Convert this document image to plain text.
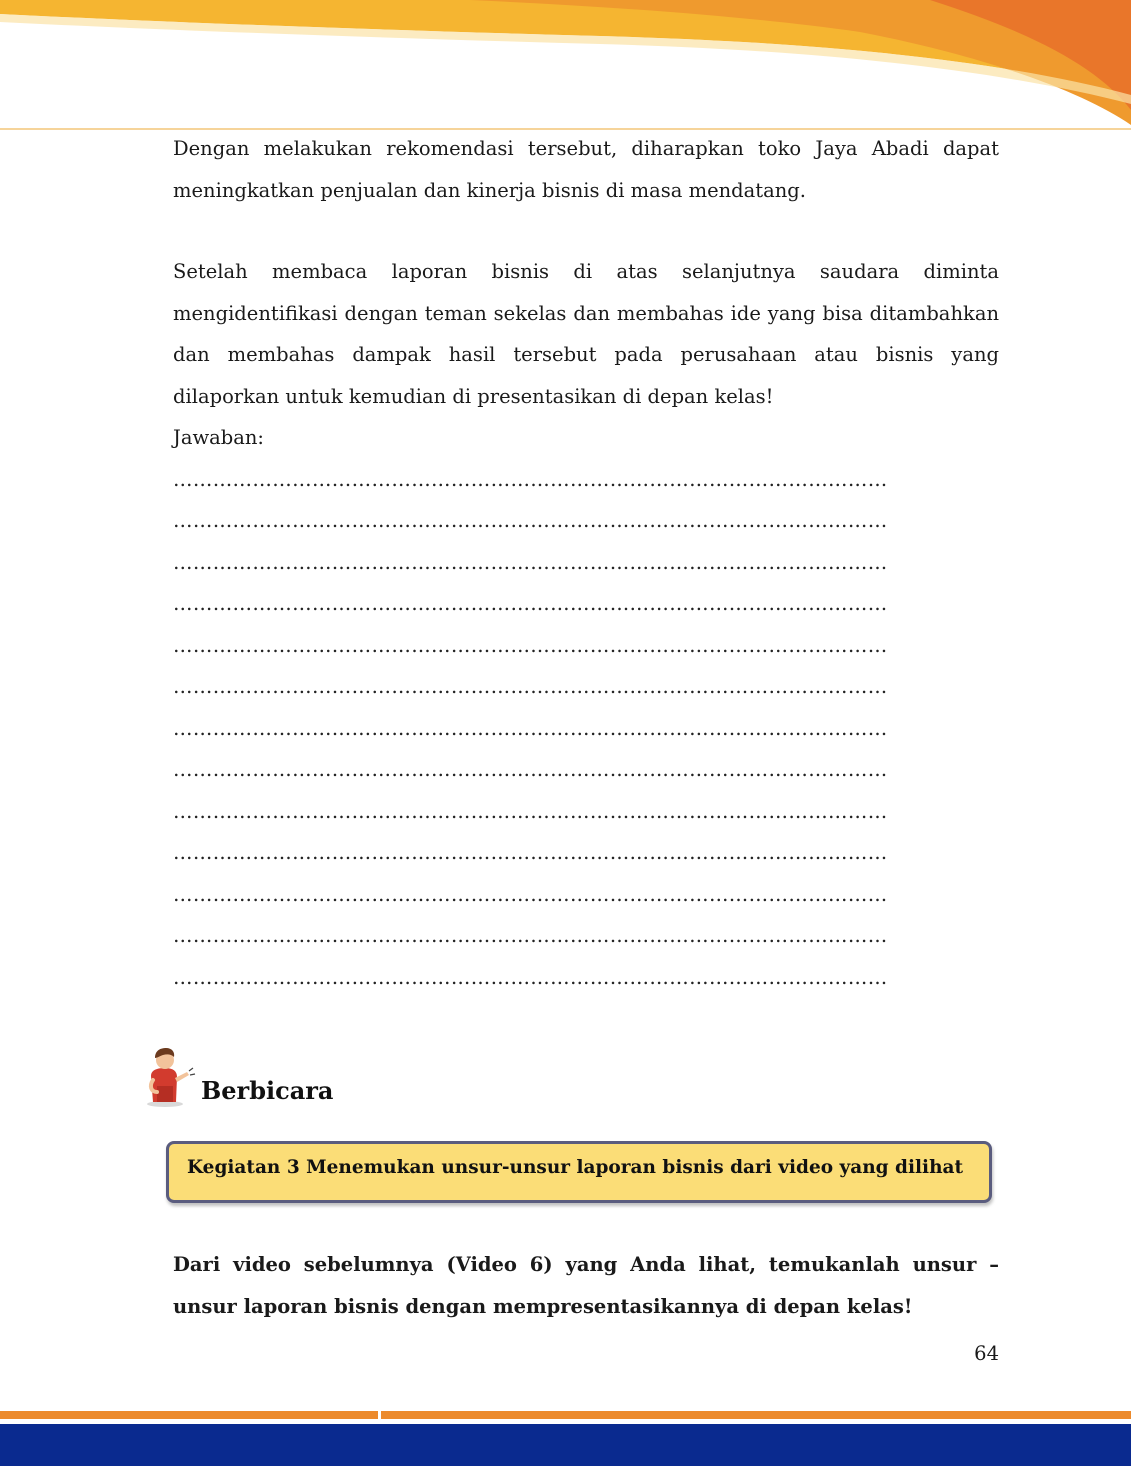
Dengan melakukan rekomendasi tersebut, diharapkan toko Jaya Abadi dapat meningkatkan penjualan dan kinerja bisnis di masa mendatang.

Setelah membaca laporan bisnis di atas selanjutnya saudara diminta mengidentifikasi dengan teman sekelas dan membahas ide yang bisa ditambahkan dan membahas dampak hasil tersebut pada perusahaan atau bisnis yang dilaporkan untuk kemudian di presentasikan di depan kelas!

Jawaban:

………………………………………………………………………………………………
………………………………………………………………………………………………
………………………………………………………………………………………………
………………………………………………………………………………………………
………………………………………………………………………………………………
………………………………………………………………………………………………
………………………………………………………………………………………………
………………………………………………………………………………………………
………………………………………………………………………………………………
………………………………………………………………………………………………
………………………………………………………………………………………………
………………………………………………………………………………………………
………………………………………………………………………………………………
Berbicara
Kegiatan 3 Menemukan unsur-unsur laporan bisnis dari video yang dilihat

Dari video sebelumnya (Video 6) yang Anda lihat, temukanlah unsur – unsur laporan bisnis dengan mempresentasikannya di depan kelas!

64
